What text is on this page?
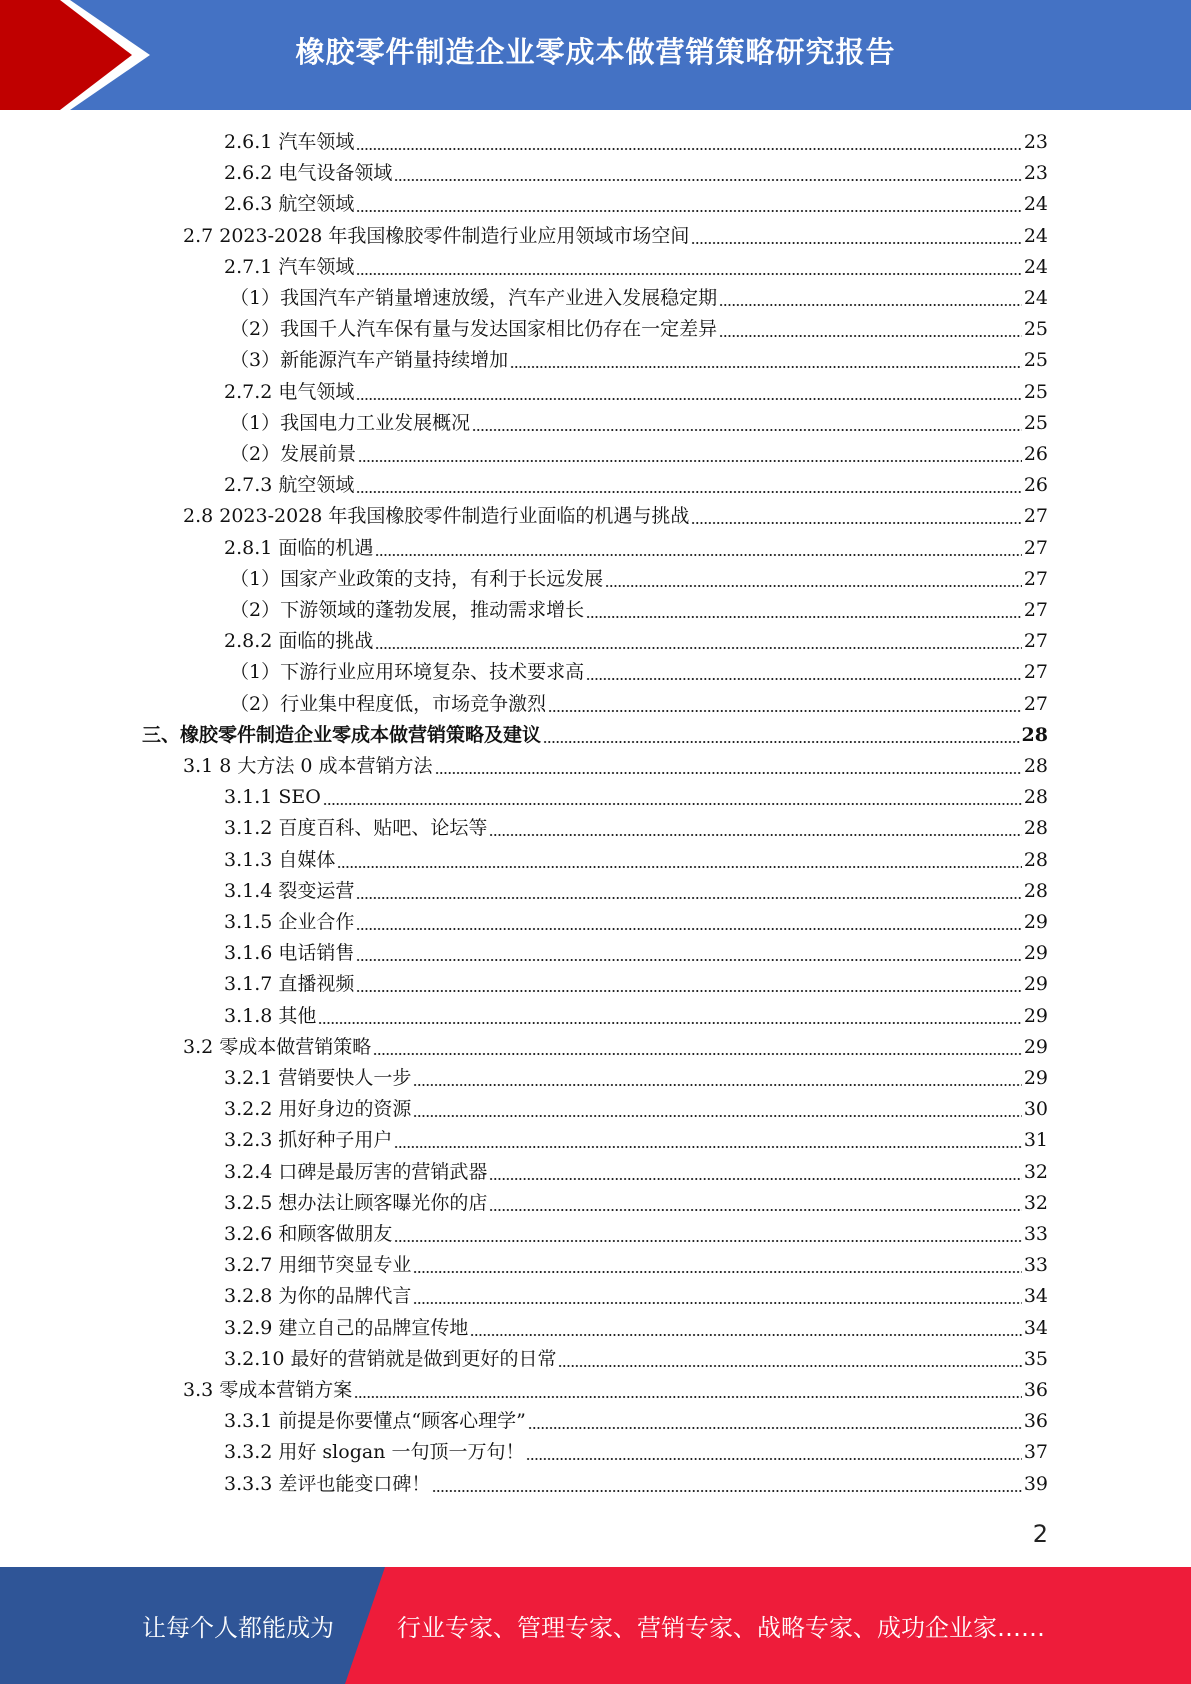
橡胶零件制造企业零成本做营销策略研究报告
2.6.1 汽车领域	23
2.6.2 电气设备领域	23
2.6.3 航空领域	24
2.7 2023-2028 年我国橡胶零件制造行业应用领域市场空间	24
2.7.1 汽车领域	24
（1）我国汽车产销量增速放缓，汽车产业进入发展稳定期	24
（2）我国千人汽车保有量与发达国家相比仍存在一定差异	25
（3）新能源汽车产销量持续增加	25
2.7.2 电气领域	25
（1）我国电力工业发展概况	25
（2）发展前景	26
2.7.3 航空领域	26
2.8 2023-2028 年我国橡胶零件制造行业面临的机遇与挑战	27
2.8.1 面临的机遇	27
（1）国家产业政策的支持，有利于长远发展	27
（2）下游领域的蓬勃发展，推动需求增长	27
2.8.2 面临的挑战	27
（1）下游行业应用环境复杂、技术要求高	27
（2）行业集中程度低，市场竞争激烈	27
三、橡胶零件制造企业零成本做营销策略及建议	28
3.1 8 大方法 0 成本营销方法	28
3.1.1 SEO	28
3.1.2 百度百科、贴吧、论坛等	28
3.1.3 自媒体	28
3.1.4 裂变运营	28
3.1.5 企业合作	29
3.1.6 电话销售	29
3.1.7 直播视频	29
3.1.8 其他	29
3.2 零成本做营销策略	29
3.2.1 营销要快人一步	29
3.2.2 用好身边的资源	30
3.2.3 抓好种子用户	31
3.2.4 口碑是最厉害的营销武器	32
3.2.5 想办法让顾客曝光你的店	32
3.2.6 和顾客做朋友	33
3.2.7 用细节突显专业	33
3.2.8 为你的品牌代言	34
3.2.9 建立自己的品牌宣传地	34
3.2.10 最好的营销就是做到更好的日常	35
3.3 零成本营销方案	36
3.3.1 前提是你要懂点“顾客心理学”	36
3.3.2 用好 slogan 一句顶一万句！	37
3.3.3 差评也能变口碑！	39
2
让每个人都能成为	行业专家、管理专家、营销专家、战略专家、成功企业家……
